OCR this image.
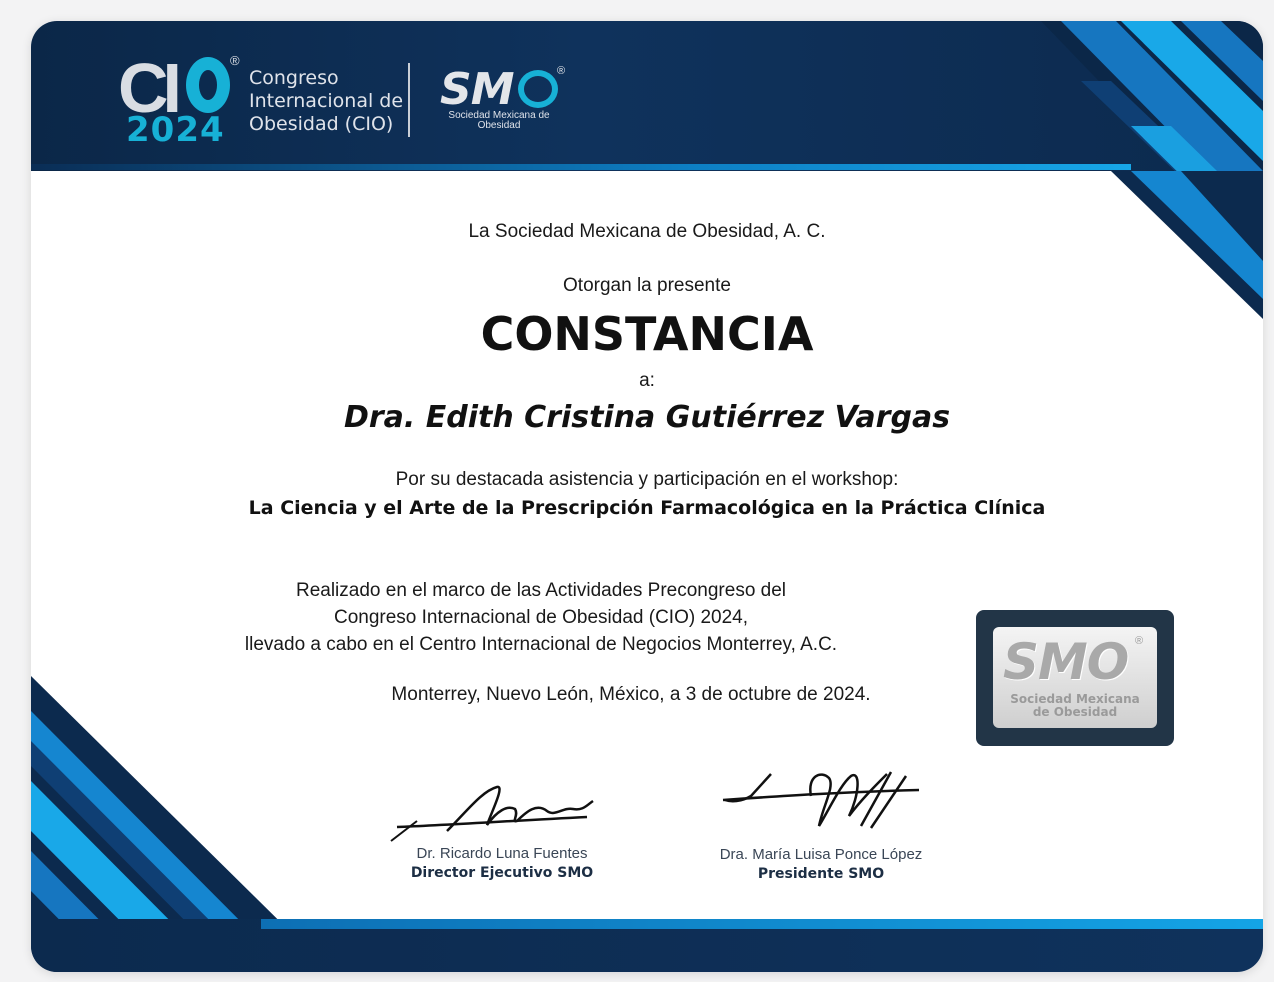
CI	®
2024
Congreso
Internacional de
Obesidad (CIO)
SM	®
Sociedad Mexicana de Obesidad

La Sociedad Mexicana de Obesidad, A. C.

Otorgan la presente

CONSTANCIA

a:

Dra. Edith Cristina Gutiérrez Vargas

Por su destacada asistencia y participación en el workshop:

La Ciencia y el Arte de la Prescripción Farmacológica en la Práctica Clínica

Realizado en el marco de las Actividades Precongreso del
Congreso Internacional de Obesidad (CIO) 2024,
llevado a cabo en el Centro Internacional de Negocios Monterrey, A.C.

Monterrey, Nuevo León, México, a 3 de octubre de 2024.

SMO ®
Sociedad Mexicana
de Obesidad
Dr. Ricardo Luna Fuentes
Director Ejecutivo SMO
Dra. María Luisa Ponce López
Presidente SMO
